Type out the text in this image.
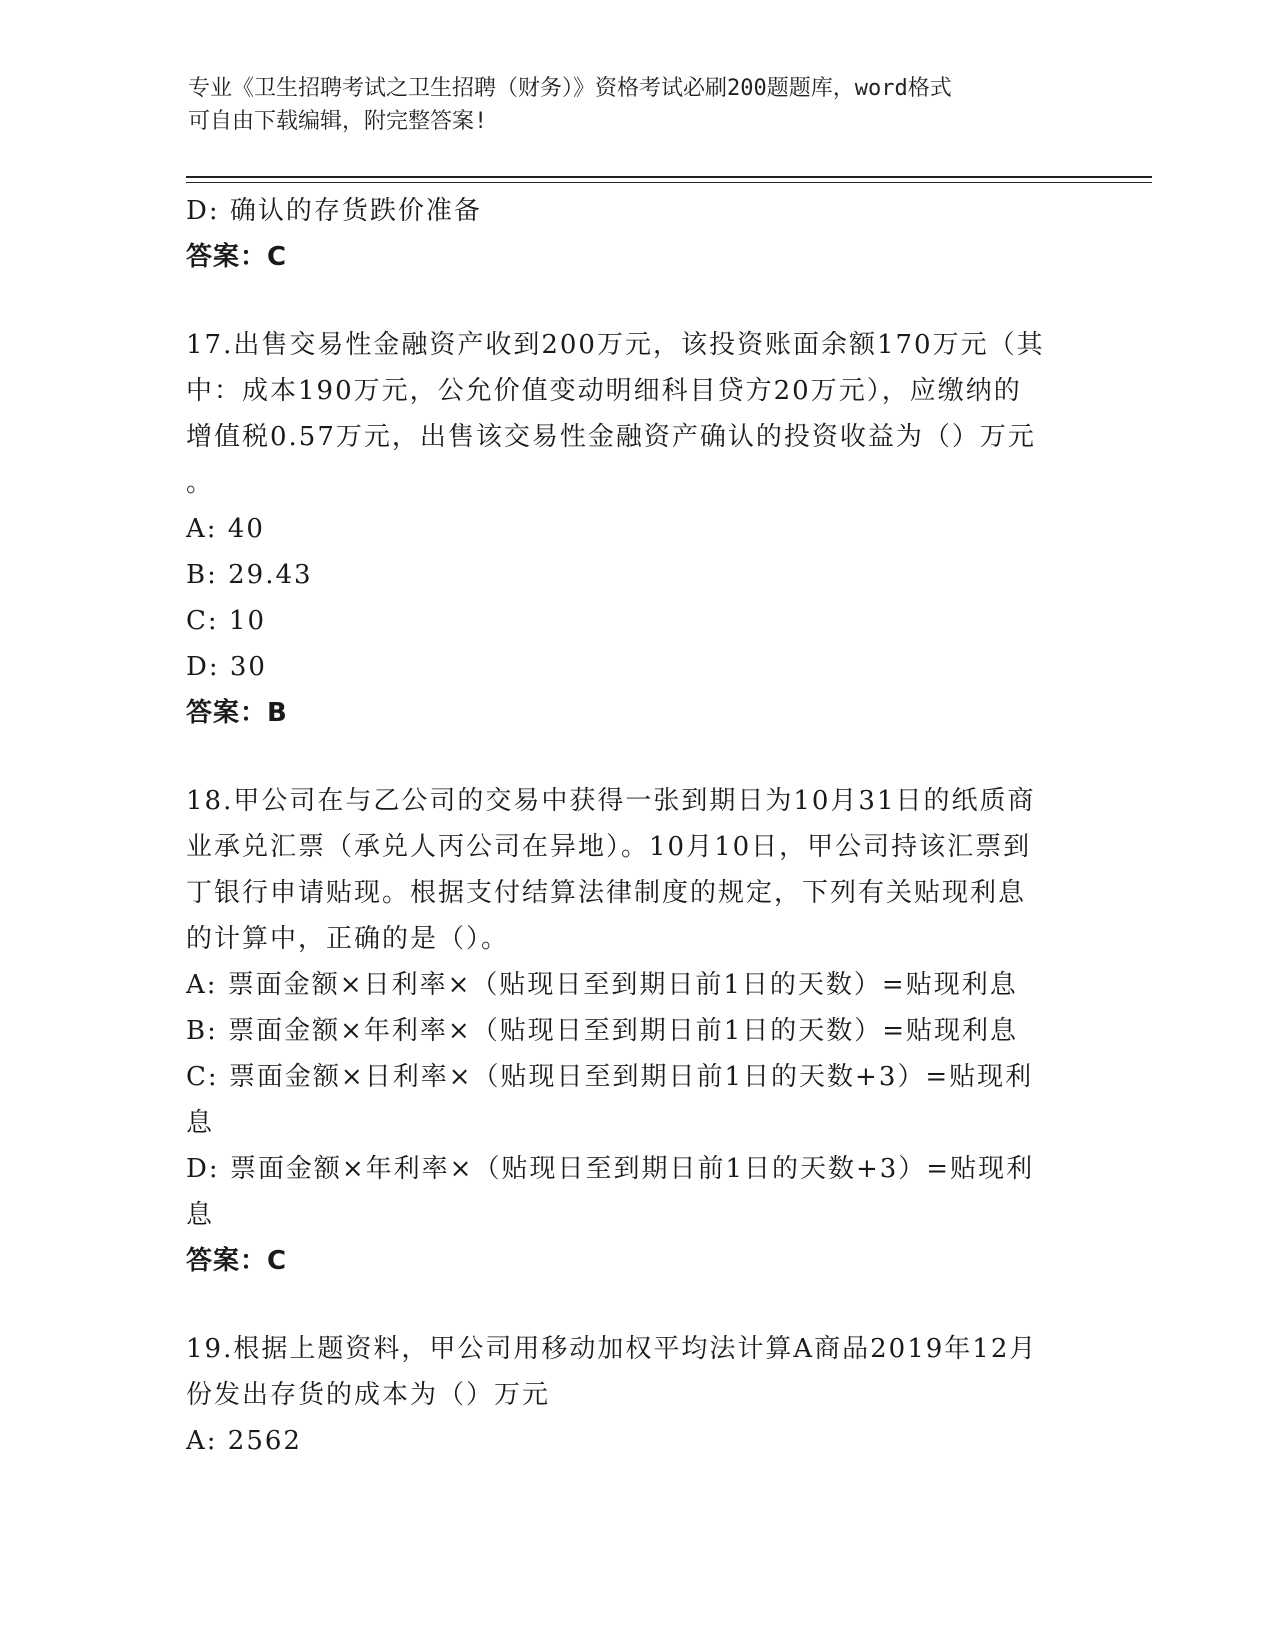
专业《卫生招聘考试之卫生招聘（财务）》资格考试必刷200题题库，word格式
可自由下载编辑，附完整答案!
D: 确认的存货跌价准备
答案：C
17.出售交易性金融资产收到200万元，该投资账面余额170万元（其
中：成本190万元，公允价值变动明细科目贷方20万元），应缴纳的
增值税0.57万元，出售该交易性金融资产确认的投资收益为（）万元
。
A: 40
B: 29.43
C: 10
D: 30
答案：B
18.甲公司在与乙公司的交易中获得一张到期日为10月31日的纸质商
业承兑汇票（承兑人丙公司在异地）。10月10日，甲公司持该汇票到
丁银行申请贴现。根据支付结算法律制度的规定，下列有关贴现利息
的计算中，正确的是（）。
A: 票面金额×日利率×（贴现日至到期日前1日的天数）=贴现利息
B: 票面金额×年利率×（贴现日至到期日前1日的天数）=贴现利息
C: 票面金额×日利率×（贴现日至到期日前1日的天数+3）=贴现利
息
D: 票面金额×年利率×（贴现日至到期日前1日的天数+3）=贴现利
息
答案：C
19.根据上题资料，甲公司用移动加权平均法计算A商品2019年12月
份发出存货的成本为（）万元
A: 2562
